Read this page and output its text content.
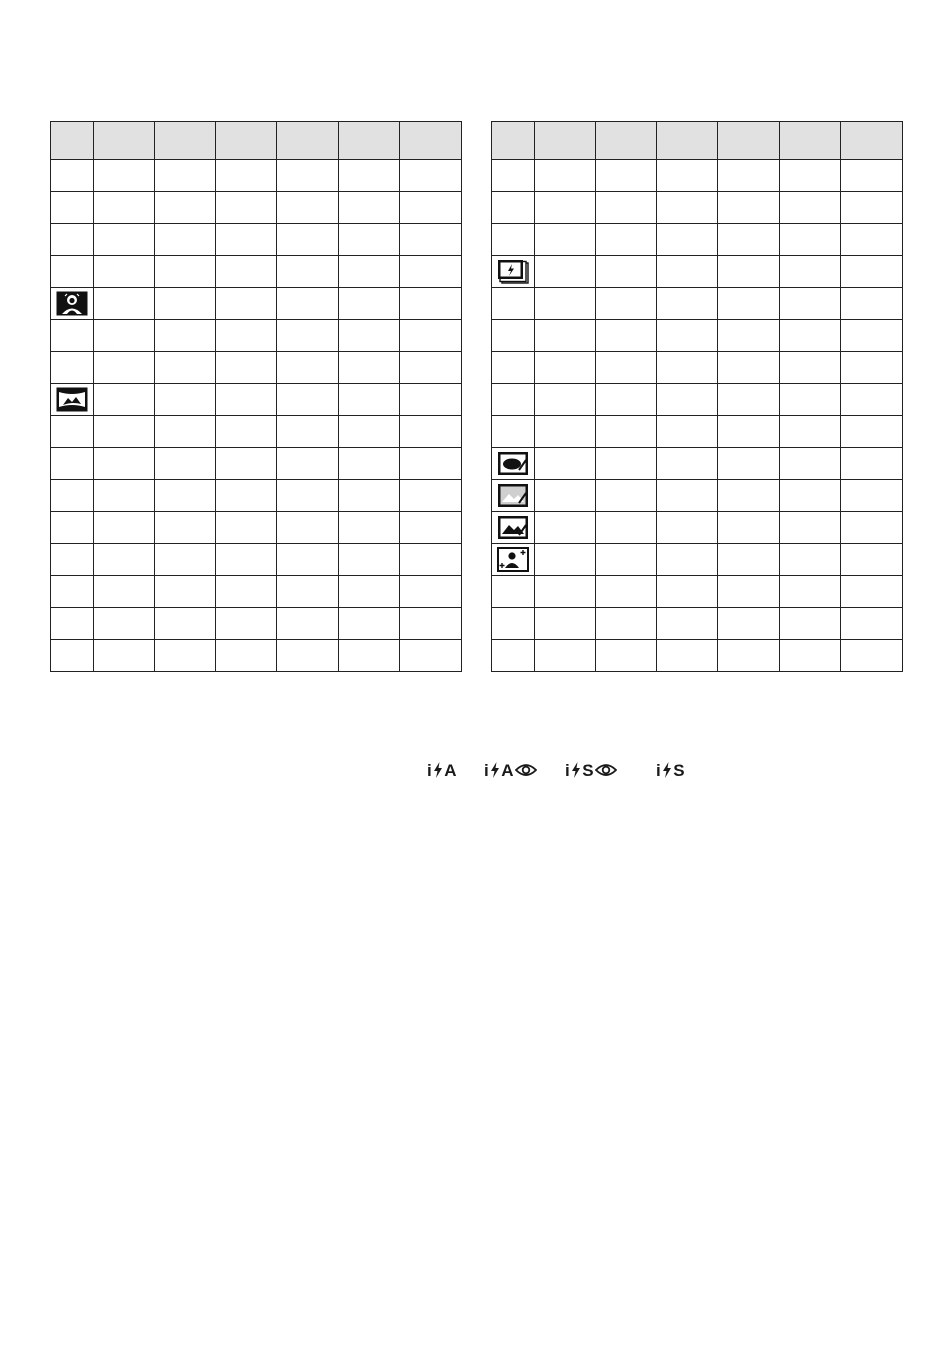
i A i A	i S	i S
